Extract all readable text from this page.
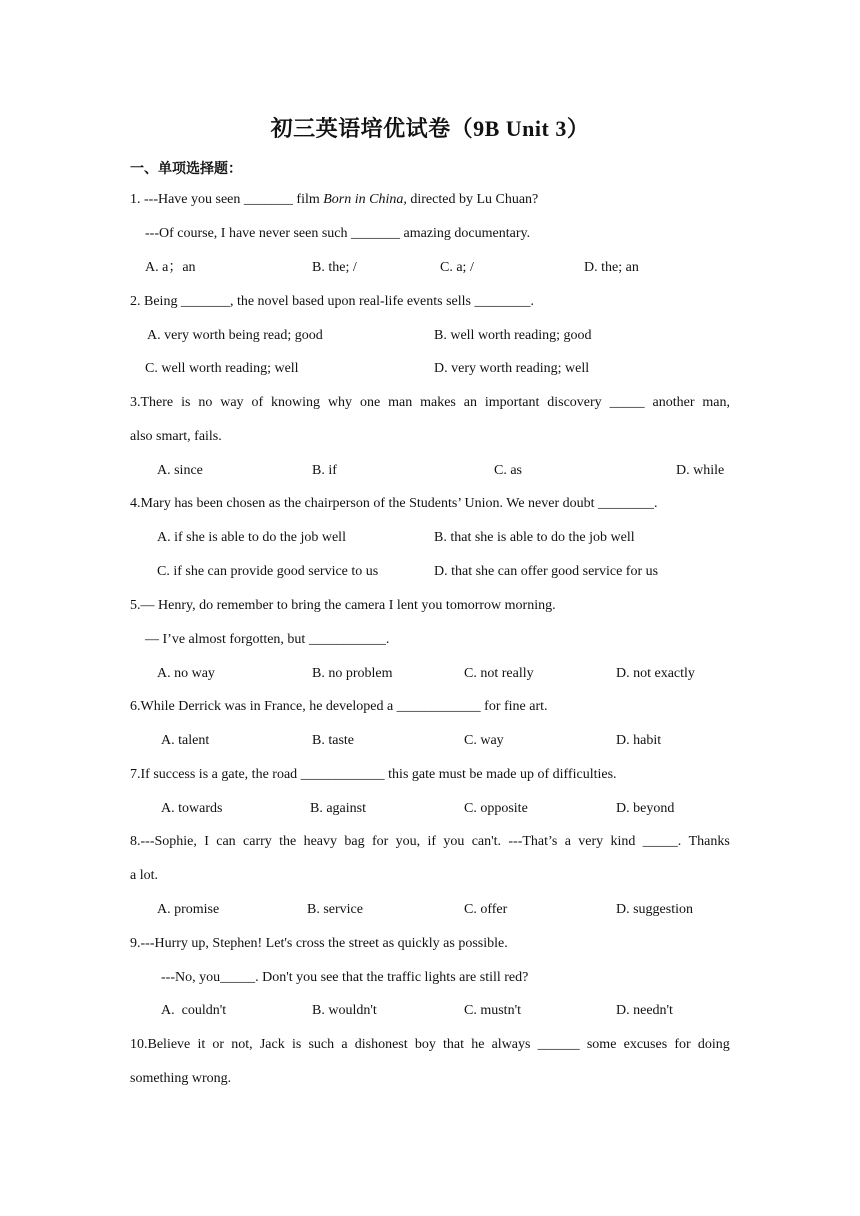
初三英语培优试卷（9B Unit 3）
一、单项选择题：
1. ---Have you seen _______ film Born in China, directed by Lu Chuan?
---Of course, I have never seen such _______ amazing documentary.
A. a；an	B. the; /	C. a; /	D. the; an
2. Being _______, the novel based upon real-life events sells ________.
A. very worth being read; good	B. well worth reading; good
C. well worth reading; well	D. very worth reading; well
3.There is no way of knowing why one man makes an important discovery _____ another man,
also smart, fails.
A. since	B. if	C. as	D. while
4.Mary has been chosen as the chairperson of the Students’ Union. We never doubt ________.
A. if she is able to do the job well	B. that she is able to do the job well
C. if she can provide good service to us	D. that she can offer good service for us
5.— Henry, do remember to bring the camera I lent you tomorrow morning.
— I’ve almost forgotten, but ___________.
A. no way	B. no problem	C. not really	D. not exactly
6.While Derrick was in France, he developed a ____________ for fine art.
A. talent	B. taste	C. way	D. habit
7.If success is a gate, the road ____________ this gate must be made up of difficulties.
A. towards	B. against	C. opposite	D. beyond
8.---Sophie, I can carry the heavy bag for you, if you can't. ---That’s a very kind _____. Thanks
a lot.
A. promise	B. service	C. offer	D. suggestion
9.---Hurry up, Stephen! Let's cross the street as quickly as possible.
---No, you_____. Don't you see that the traffic lights are still red?
A.  couldn't	B. wouldn't	C. mustn't	D. needn't
10.Believe it or not, Jack is such a dishonest boy that he always ______ some excuses for doing
something wrong.
